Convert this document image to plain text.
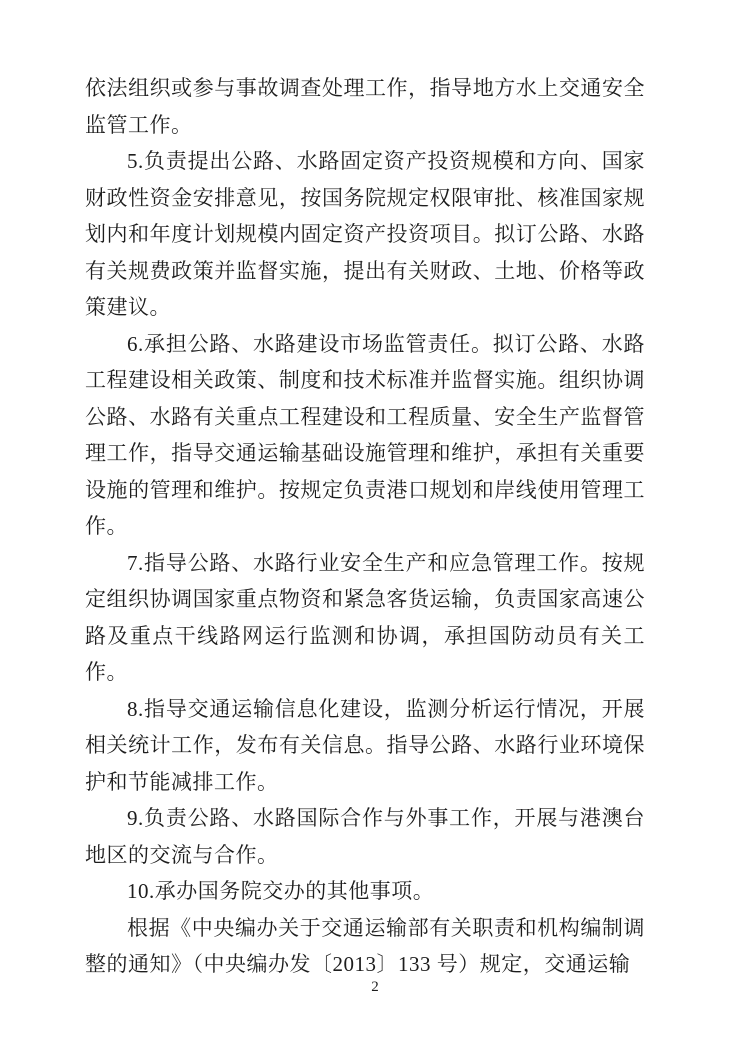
依法组织或参与事故调查处理工作，指导地方水上交通安全监管工作。

5.负责提出公路、水路固定资产投资规模和方向、国家财政性资金安排意见，按国务院规定权限审批、核准国家规划内和年度计划规模内固定资产投资项目。拟订公路、水路有关规费政策并监督实施，提出有关财政、土地、价格等政策建议。

6.承担公路、水路建设市场监管责任。拟订公路、水路工程建设相关政策、制度和技术标准并监督实施。组织协调公路、水路有关重点工程建设和工程质量、安全生产监督管理工作，指导交通运输基础设施管理和维护，承担有关重要设施的管理和维护。按规定负责港口规划和岸线使用管理工作。

7.指导公路、水路行业安全生产和应急管理工作。按规定组织协调国家重点物资和紧急客货运输，负责国家高速公路及重点干线路网运行监测和协调，承担国防动员有关工作。

8.指导交通运输信息化建设，监测分析运行情况，开展相关统计工作，发布有关信息。指导公路、水路行业环境保护和节能减排工作。

9.负责公路、水路国际合作与外事工作，开展与港澳台地区的交流与合作。

10.承办国务院交办的其他事项。

根据《中央编办关于交通运输部有关职责和机构编制调整的通知》（中央编办发〔2013〕133 号）规定，交通运输

2
